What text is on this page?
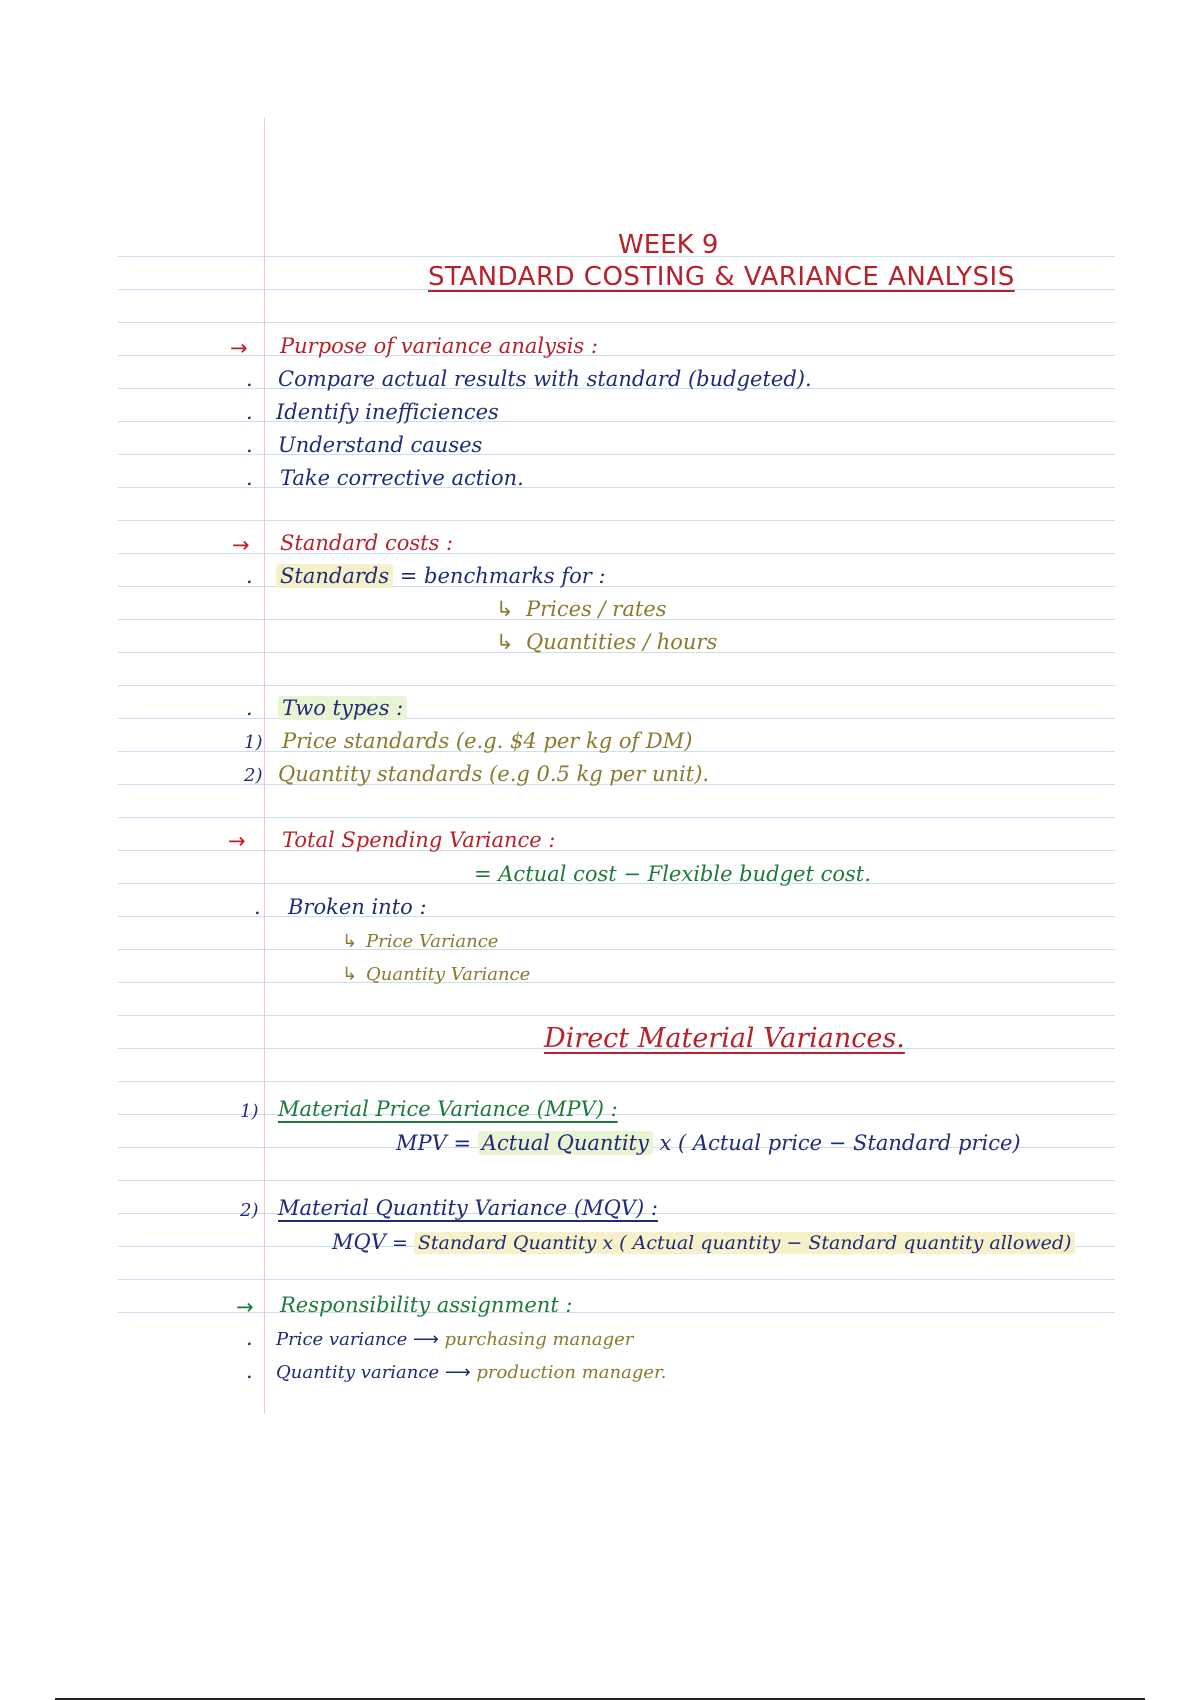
WEEK 9
STANDARD COSTING & VARIANCE ANALYSIS
→ Purpose of variance analysis :
. Compare actual results with standard (budgeted).
. Identify inefficiences
. Understand causes
. Take corrective action.
→ Standard costs :
. Standards = benchmarks for :
↳ Prices / rates
↳ Quantities / hours
. Two types :
1) Price standards (e.g. $4 per kg of DM)
2) Quantity standards (e.g 0.5 kg per unit).
→ Total Spending Variance :
= Actual cost − Flexible budget cost.
. Broken into :
↳ Price Variance
↳ Quantity Variance
Direct Material Variances.
1) Material Price Variance (MPV) :
MPV = Actual Quantity x ( Actual price − Standard price)
2) Material Quantity Variance (MQV) :
MQV = Standard Quantity x ( Actual quantity − Standard quantity allowed)
→ Responsibility assignment :
. Price variance ⟶ purchasing manager
. Quantity variance ⟶ production manager.
